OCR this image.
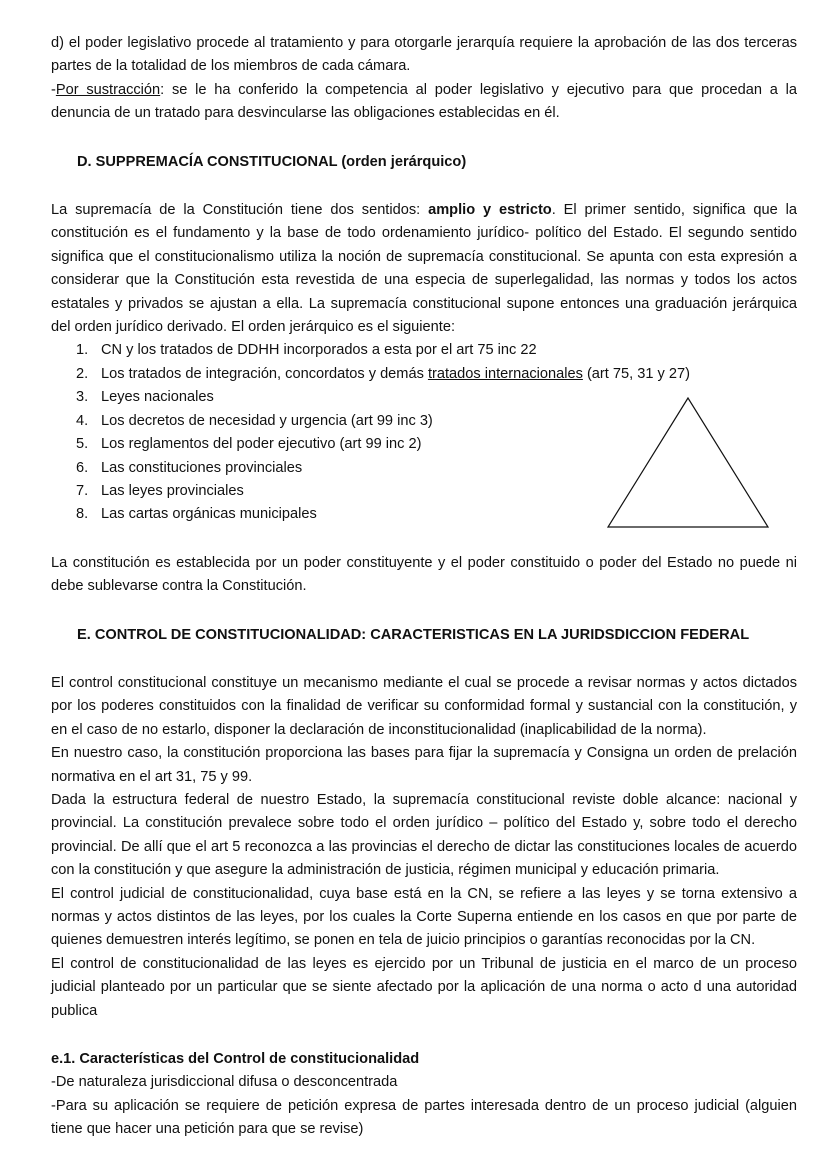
d) el poder legislativo procede al tratamiento y para otorgarle jerarquía requiere la aprobación de las dos terceras partes de la totalidad de los miembros de cada cámara.

-Por sustracción: se le ha conferido la competencia al poder legislativo y ejecutivo para que procedan a la denuncia de un tratado para desvincularse las obligaciones establecidas en él.

D. SUPPREMACÍA CONSTITUCIONAL (orden jerárquico)

La supremacía de la Constitución tiene dos sentidos: amplio y estricto. El primer sentido, significa que la constitución es el fundamento y la base de todo ordenamiento jurídico- político del Estado. El segundo sentido significa que el constitucionalismo utiliza la noción de supremacía constitucional. Se apunta con esta expresión a considerar que la Constitución esta revestida de una especia de superlegalidad, las normas y todos los actos estatales y privados se ajustan a ella. La supremacía constitucional supone entonces una graduación jerárquica del orden jurídico derivado. El orden jerárquico es el siguiente:

1. CN y los tratados de DDHH incorporados a esta por el art 75 inc 22
2. Los tratados de integración, concordatos y demás tratados internacionales (art 75, 31 y 27)
3. Leyes nacionales
4. Los decretos de necesidad y urgencia (art 99 inc 3)
5. Los reglamentos del poder ejecutivo (art 99 inc 2)
6. Las constituciones provinciales
7. Las leyes provinciales
8. Las cartas orgánicas municipales

La constitución es establecida por un poder constituyente y el poder constituido o poder del Estado no puede ni debe sublevarse contra la Constitución.

E. CONTROL DE CONSTITUCIONALIDAD: CARACTERISTICAS EN LA JURIDSDICCION FEDERAL

El control constitucional constituye un mecanismo mediante el cual se procede a revisar normas y actos dictados por los poderes constituidos con la finalidad de verificar su conformidad formal y sustancial con la constitución, y en el caso de no estarlo, disponer la declaración de inconstitucionalidad (inaplicabilidad de la norma).

En nuestro caso, la constitución proporciona las bases para fijar la supremacía y Consigna un orden de prelación normativa en el art 31, 75 y 99.

Dada la estructura federal de nuestro Estado, la supremacía constitucional reviste doble alcance: nacional y provincial. La constitución prevalece sobre todo el orden jurídico – político del Estado y, sobre todo el derecho provincial. De allí que el art 5 reconozca a las provincias el derecho de dictar las constituciones locales de acuerdo con la constitución y que asegure la administración de justicia, régimen municipal y educación primaria.

El control judicial de constitucionalidad, cuya base está en la CN, se refiere a las leyes y se torna extensivo a normas y actos distintos de las leyes, por los cuales la Corte Superna entiende en los casos en que por parte de quienes demuestren interés legítimo, se ponen en tela de juicio principios o garantías reconocidas por la CN.

El control de constitucionalidad de las leyes es ejercido por un Tribunal de justicia en el marco de un proceso judicial planteado por un particular que se siente afectado por la aplicación de una norma o acto d una autoridad publica

e.1. Características del Control de constitucionalidad

-De naturaleza jurisdiccional difusa o desconcentrada

-Para su aplicación se requiere de petición expresa de partes interesada dentro de un proceso judicial (alguien tiene que hacer una petición para que se revise)
